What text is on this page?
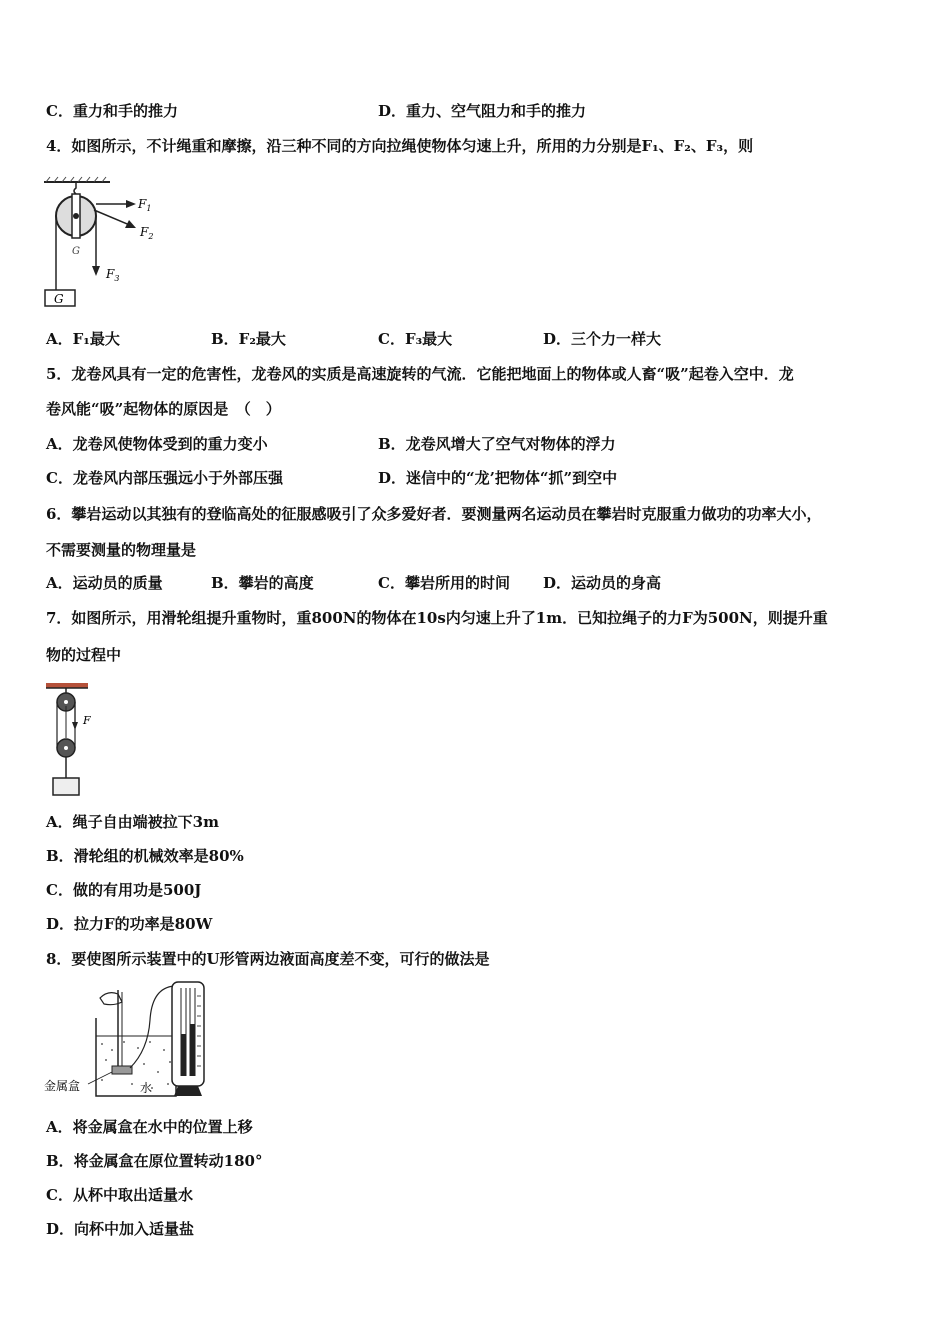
C．重力和手的推力	D．重力、空气阻力和手的推力
4．如图所示，不计绳重和摩擦，沿三种不同的方向拉绳使物体匀速上升，所用的力分别是F₁、F₂、F₃，则
G
G
$F_1$
$F_2$
$F_3$
A．F₁最大	B．F₂最大	C．F₃最大	D．三个力一样大
5．龙卷风具有一定的危害性，龙卷风的实质是高速旋转的气流．它能把地面上的物体或人畜“吸”起卷入空中．龙
卷风能“吸”起物体的原因是　（　）
A．龙卷风使物体受到的重力变小	B．龙卷风增大了空气对物体的浮力
C．龙卷风内部压强远小于外部压强	D．迷信中的“龙’把物体“抓”到空中
6．攀岩运动以其独有的登临高处的征服感吸引了众多爱好者．要测量两名运动员在攀岩时克服重力做功的功率大小，
不需要测量的物理量是
A．运动员的质量	B．攀岩的高度	C．攀岩所用的时间 D．运动员的身高
7．如图所示，用滑轮组提升重物时，重800N的物体在10s内匀速上升了1m．已知拉绳子的力F为500N，则提升重
物的过程中
F
A．绳子自由端被拉下3m
B．滑轮组的机械效率是80%
C．做的有用功是500J
D．拉力F的功率是80W
8．要使图所示装置中的U形管两边液面高度差不变，可行的做法是
金属盒	水
A．将金属盒在水中的位置上移
B．将金属盒在原位置转动180°
C．从杯中取出适量水
D．向杯中加入适量盐
